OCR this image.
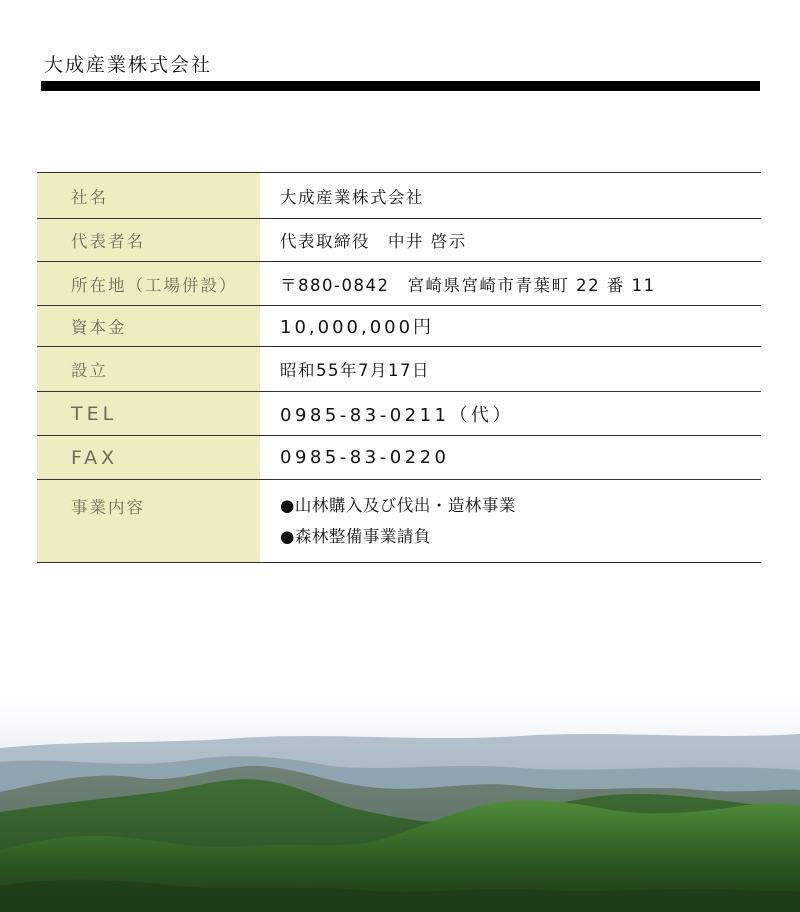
大成産業株式会社
社名	大成産業株式会社
代表者名	代表取締役　中井 啓示
所在地（工場併設）	〒880-0842　宮崎県宮崎市青葉町 22 番 11
資本金	10,000,000円
設立	昭和55年7月17日
TEL	0985-83-0211（代）
FAX	0985-83-0220
事業内容	●山林購入及び伐出・造林事業
●森林整備事業請負
